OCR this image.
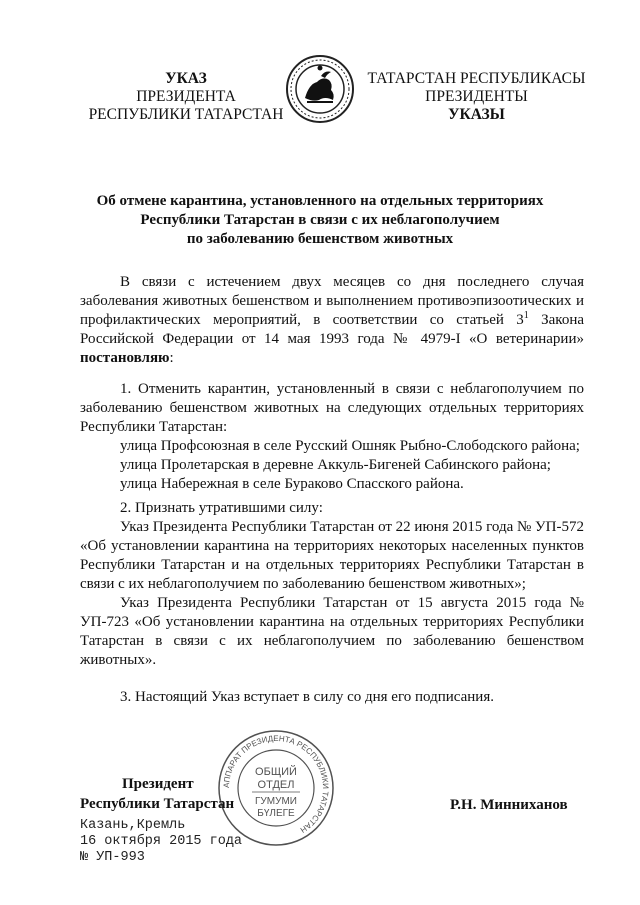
УКАЗ
ПРЕЗИДЕНТА
РЕСПУБЛИКИ ТАТАРСТАН
ТАТАРСТАН РЕСПУБЛИКАСЫ
ПРЕЗИДЕНТЫ
УКАЗЫ
Об отмене карантина, установленного на отдельных территориях
Республики Татарстан в связи с их неблагополучием
по заболеванию бешенством животных

В связи с истечением двух месяцев со дня последнего случая заболевания животных бешенством и выполнением противоэпизоотических и профилактических мероприятий, в соответствии со статьей $3^1$ Закона Российской Федерации от 14 мая 1993 года № 4979-I «О ветеринарии» постановляю:

1. Отменить карантин, установленный в связи с неблагополучием по заболеванию бешенством животных на следующих отдельных территориях Республики Татарстан:

улица Профсоюзная в селе Русский Ошняк Рыбно-Слободского района;
улица Пролетарская в деревне Аккуль-Бигеней Сабинского района;
улица Набережная в селе Бураково Спасского района.
2. Признать утратившими силу:

Указ Президента Республики Татарстан от 22 июня 2015 года № УП-572 «Об установлении карантина на территориях некоторых населенных пунктов Республики Татарстан и на отдельных территориях Республики Татарстан в связи с их неблагополучием по заболеванию бешенством животных»;

Указ Президента Республики Татарстан от 15 августа 2015 года № УП-723 «Об установлении карантина на отдельных территориях Республики Татарстан в связи с их неблагополучием по заболеванию бешенством животных».

3. Настоящий Указ вступает в силу со дня его подписания.
АППАРАТ ПРЕЗИДЕНТА РЕСПУБЛИКИ ТАТАРСТАН
ОБЩИЙ
ОТДЕЛ
ГУМУМИ
БҮЛЕГЕ
Президент
Республики Татарстан	Р.Н. Минниханов
Казань,Кремль
16 октября 2015 года
№ УП-993
